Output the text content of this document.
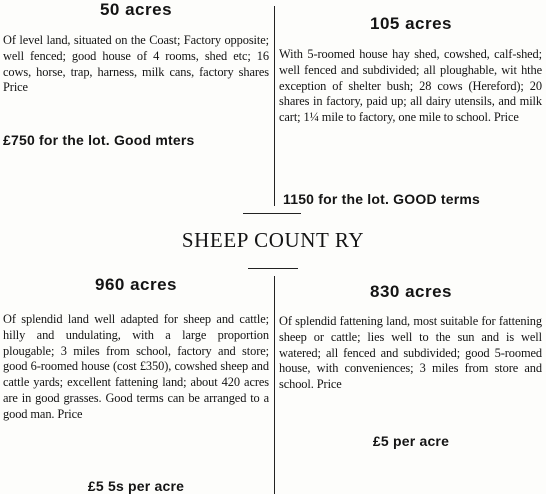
50 acres
Of level land, situated on the Coast; Factory opposite; well fenced; good house of 4 rooms, shed etc; 16 cows, horse, trap, harness, milk cans, factory shares Price
£750 for the lot. Good mters
105 acres
With 5-roomed house hay shed, cowshed, calf-shed; well fenced and subdivided; all ploughable, wit hthe exception of shelter bush; 28 cows (Hereford); 20 shares in factory, paid up; all dairy utensils, and milk cart; 1¼ mile to factory, one mile to school. Price
1150 for the lot. GOOD terms
SHEEP COUNT RY
960 acres
Of splendid land well adapted for sheep and cattle; hilly and undulating, with a large proportion plougable; 3 miles from school, factory and store; good 6-roomed house (cost £350), cowshed sheep and cattle yards; excellent fattening land; about 420 acres are in good grasses. Good terms can be arranged to a good man. Price
£5 5s per acre
830 acres
Of splendid fattening land, most suitable for fattening sheep or cattle; lies well to the sun and is well watered; all fenced and subdivided; good 5-roomed house, with conveniences; 3 miles from store and school. Price
£5 per acre
